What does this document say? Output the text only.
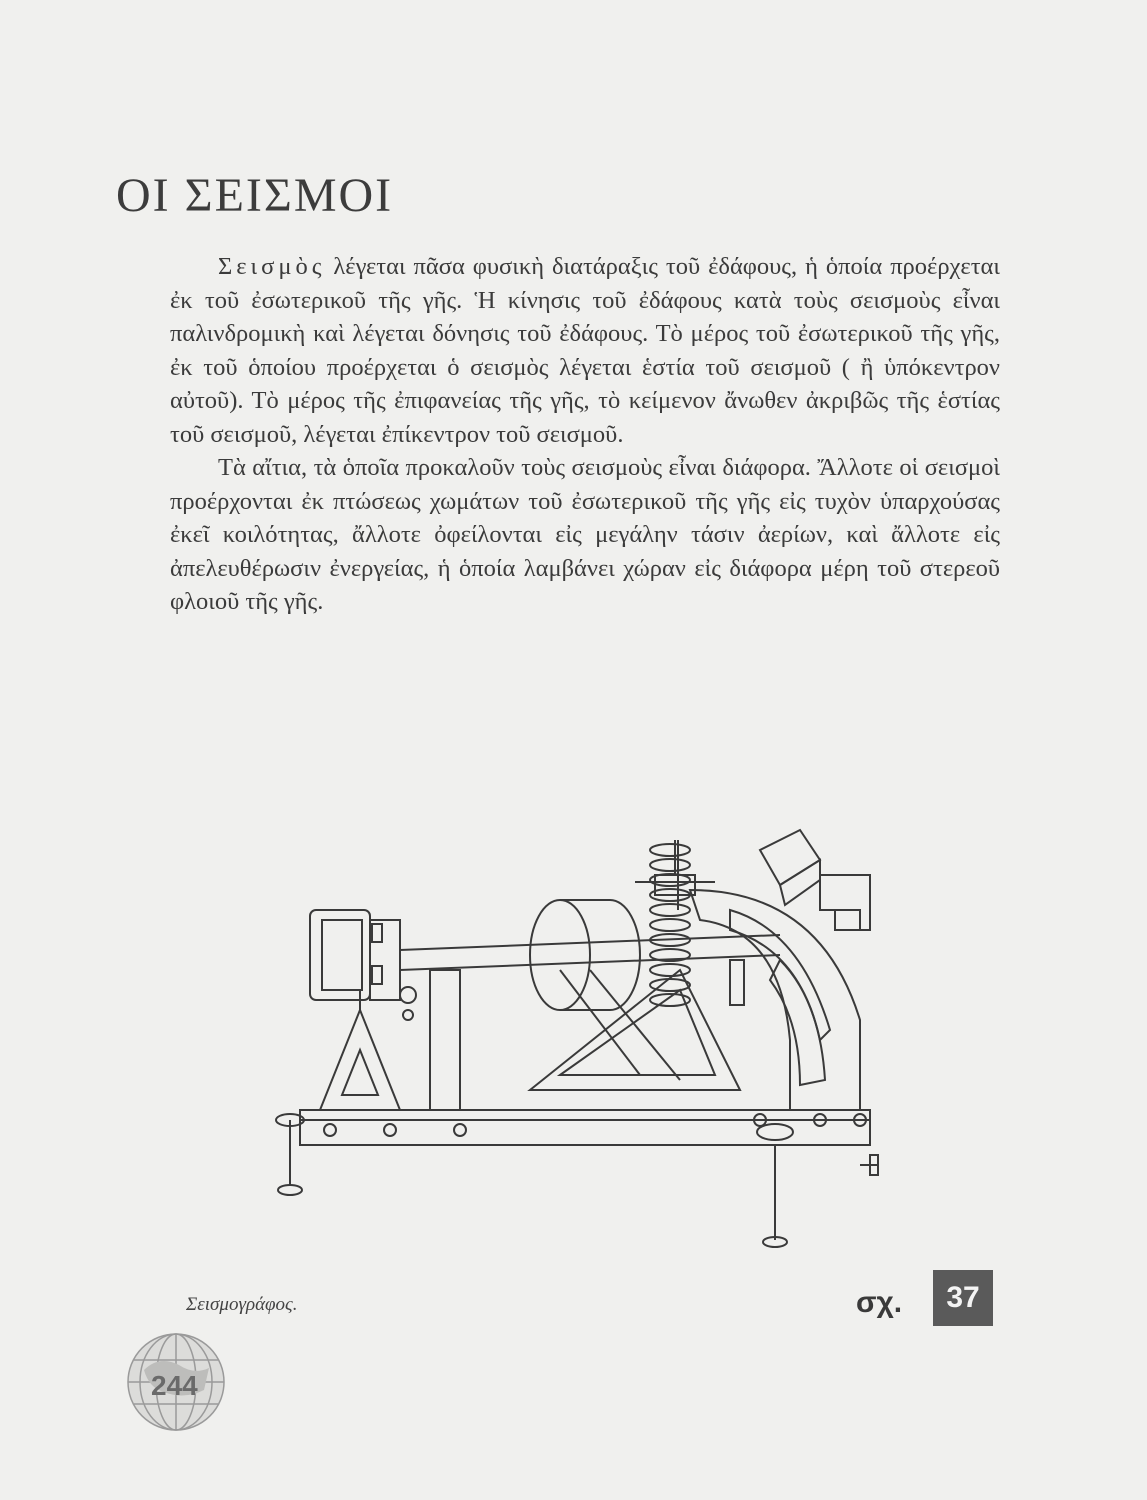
ΟΙ ΣΕΙΣΜΟΙ

Σεισμὸς λέγεται πᾶσα φυσικὴ διατάραξις τοῦ ἐδάφους, ἡ ὁποία προέρχεται ἐκ τοῦ ἐσωτερικοῦ τῆς γῆς. Ἡ κίνησις τοῦ ἐδάφους κατὰ τοὺς σεισμοὺς εἶναι παλινδρομικὴ καὶ λέγεται δόνησις τοῦ ἐδάφους. Τὸ μέρος τοῦ ἐσωτερικοῦ τῆς γῆς, ἐκ τοῦ ὁποίου προέρχεται ὁ σεισμὸς λέγεται ἑστία τοῦ σεισμοῦ ( ἢ ὑπόκεντρον αὐτοῦ). Τὸ μέρος τῆς ἐπιφανείας τῆς γῆς, τὸ κείμενον ἄνωθεν ἀκριβῶς τῆς ἑστίας τοῦ σεισμοῦ, λέγεται ἐπίκεντρον τοῦ σεισμοῦ.

Τὰ αἴτια, τὰ ὁποῖα προκαλοῦν τοὺς σεισμοὺς εἶναι διάφορα. Ἄλλοτε οἱ σεισμοὶ προέρχονται ἐκ πτώσεως χωμάτων τοῦ ἐσωτερικοῦ τῆς γῆς εἰς τυχὸν ὑπαρχούσας ἐκεῖ κοιλότητας, ἄλλοτε ὀφείλονται εἰς μεγάλην τάσιν ἀερίων, καὶ ἄλλοτε εἰς ἀπελευθέρωσιν ἐνεργείας, ἡ ὁποία λαμβάνει χώραν εἰς διάφορα μέρη τοῦ στερεοῦ φλοιοῦ τῆς γῆς.

Σεισμογράφος.	σχ.	37
244
